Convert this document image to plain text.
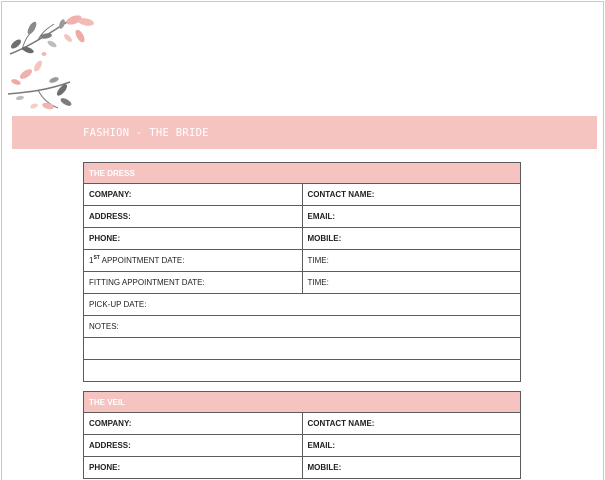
FASHION - THE BRIDE
THE DRESS	
COMPANY:	CONTACT NAME:
ADDRESS:	EMAIL:
PHONE:	MOBILE:
1ST APPOINTMENT DATE:	TIME:
FITTING APPOINTMENT DATE:	TIME:
PICK-UP DATE:	
NOTES:	

THE VEIL	
COMPANY:	CONTACT NAME:
ADDRESS:	EMAIL:
PHONE:	MOBILE:
